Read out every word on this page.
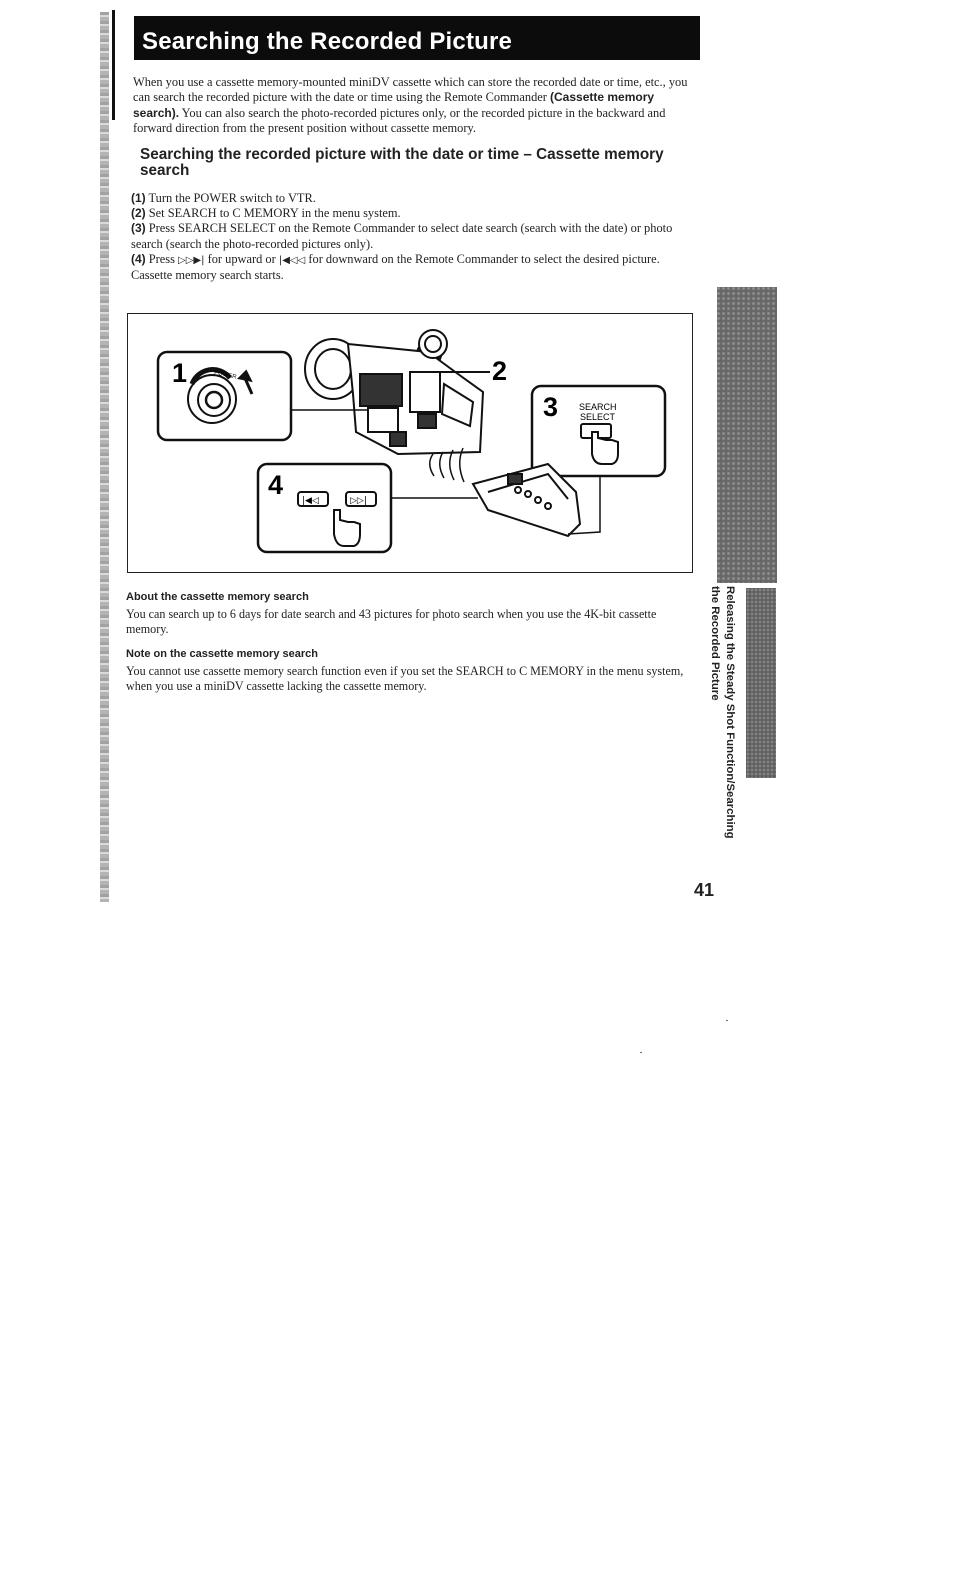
Searching the Recorded Picture

When you use a cassette memory-mounted miniDV cassette which can store the recorded date or time, etc., you can search the recorded picture with the date or time using the Remote Commander (Cassette memory search). You can also search the photo-recorded pictures only, or the recorded picture in the backward and forward direction from the present position without cassette memory.

Searching the recorded picture with the date or time – Cassette memory search

(1) Turn the POWER switch to VTR.

(2) Set SEARCH to C MEMORY in the menu system.

(3) Press SEARCH SELECT on the Remote Commander to select date search (search with the date) or photo search (search the photo-recorded pictures only).

(4) Press ▷▷▶| for upward or |◀◁◁ for downward on the Remote Commander to select the desired picture.

Cassette memory search starts.

1	POWER	2
3 SEARCH
SELECT
4
|◀◁	▷▷|
About the cassette memory search

You can search up to 6 days for date search and 43 pictures for photo search when you use the 4K-bit cassette memory.

Note on the cassette memory search

You cannot use cassette memory search function even if you set the SEARCH to C MEMORY in the menu system, when you use a miniDV cassette lacking the cassette memory.	Releasing the Steady Shot Function/Searching the Recorded Picture
41
